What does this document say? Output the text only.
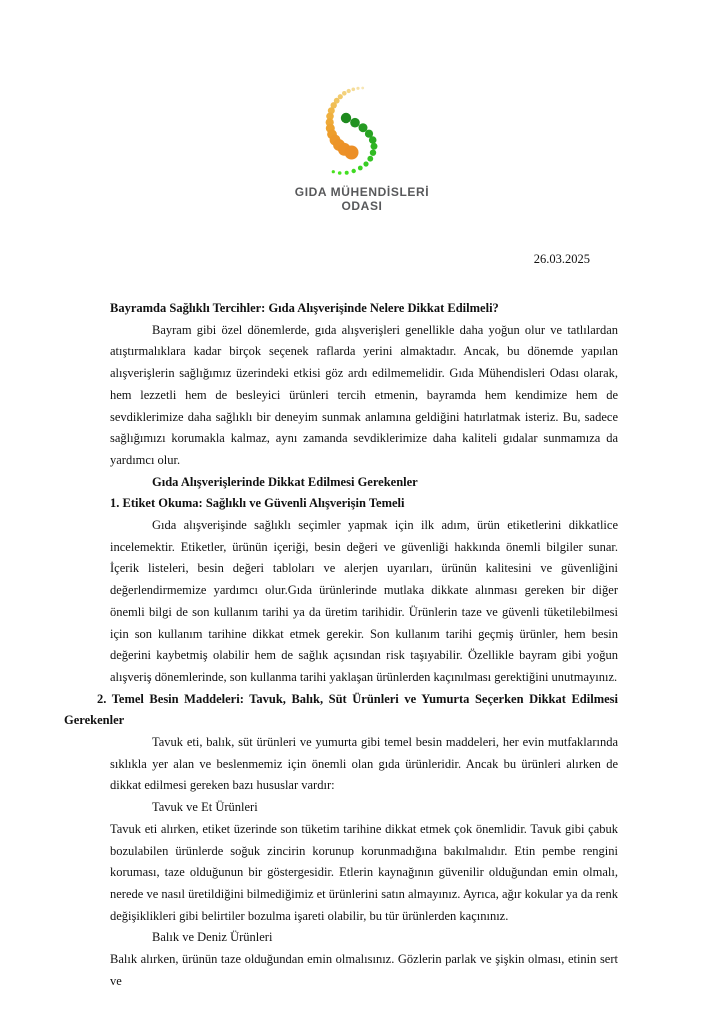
GIDA MÜHENDİSLERİ
ODASI
26.03.2025

Bayramda Sağlıklı Tercihler: Gıda Alışverişinde Nelere Dikkat Edilmeli?

Bayram gibi özel dönemlerde, gıda alışverişleri genellikle daha yoğun olur ve tatlılardan atıştırmalıklara kadar birçok seçenek raflarda yerini almaktadır. Ancak, bu dönemde yapılan alışverişlerin sağlığımız üzerindeki etkisi göz ardı edilmemelidir. Gıda Mühendisleri Odası olarak, hem lezzetli hem de besleyici ürünleri tercih etmenin, bayramda hem kendimize hem de sevdiklerimize daha sağlıklı bir deneyim sunmak anlamına geldiğini hatırlatmak isteriz. Bu, sadece sağlığımızı korumakla kalmaz, aynı zamanda sevdiklerimize daha kaliteli gıdalar sunmamıza da yardımcı olur.

Gıda Alışverişlerinde Dikkat Edilmesi Gerekenler

1. Etiket Okuma: Sağlıklı ve Güvenli Alışverişin Temeli

Gıda alışverişinde sağlıklı seçimler yapmak için ilk adım, ürün etiketlerini dikkatlice incelemektir. Etiketler, ürünün içeriği, besin değeri ve güvenliği hakkında önemli bilgiler sunar. İçerik listeleri, besin değeri tabloları ve alerjen uyarıları, ürünün kalitesini ve güvenliğini değerlendirmemize yardımcı olur.Gıda ürünlerinde mutlaka dikkate alınması gereken bir diğer önemli bilgi de son kullanım tarihi ya da üretim tarihidir. Ürünlerin taze ve güvenli tüketilebilmesi için son kullanım tarihine dikkat etmek gerekir. Son kullanım tarihi geçmiş ürünler, hem besin değerini kaybetmiş olabilir hem de sağlık açısından risk taşıyabilir. Özellikle bayram gibi yoğun alışveriş dönemlerinde, son kullanma tarihi yaklaşan ürünlerden kaçınılması gerektiğini unutmayınız.

2. Temel Besin Maddeleri: Tavuk, Balık, Süt Ürünleri ve Yumurta Seçerken Dikkat Edilmesi Gerekenler

Tavuk eti, balık, süt ürünleri ve yumurta gibi temel besin maddeleri, her evin mutfaklarında sıklıkla yer alan ve beslenmemiz için önemli olan gıda ürünleridir. Ancak bu ürünleri alırken de dikkat edilmesi gereken bazı hususlar vardır:

Tavuk ve Et Ürünleri

Tavuk eti alırken, etiket üzerinde son tüketim tarihine dikkat etmek çok önemlidir. Tavuk gibi çabuk bozulabilen ürünlerde soğuk zincirin korunup korunmadığına bakılmalıdır. Etin pembe rengini koruması, taze olduğunun bir göstergesidir. Etlerin kaynağının güvenilir olduğundan emin olmalı, nerede ve nasıl üretildiğini bilmediğimiz et ürünlerini satın almayınız. Ayrıca, ağır kokular ya da renk değişiklikleri gibi belirtiler bozulma işareti olabilir, bu tür ürünlerden kaçınınız.

Balık ve Deniz Ürünleri

Balık alırken, ürünün taze olduğundan emin olmalısınız. Gözlerin parlak ve şişkin olması, etinin sert ve
